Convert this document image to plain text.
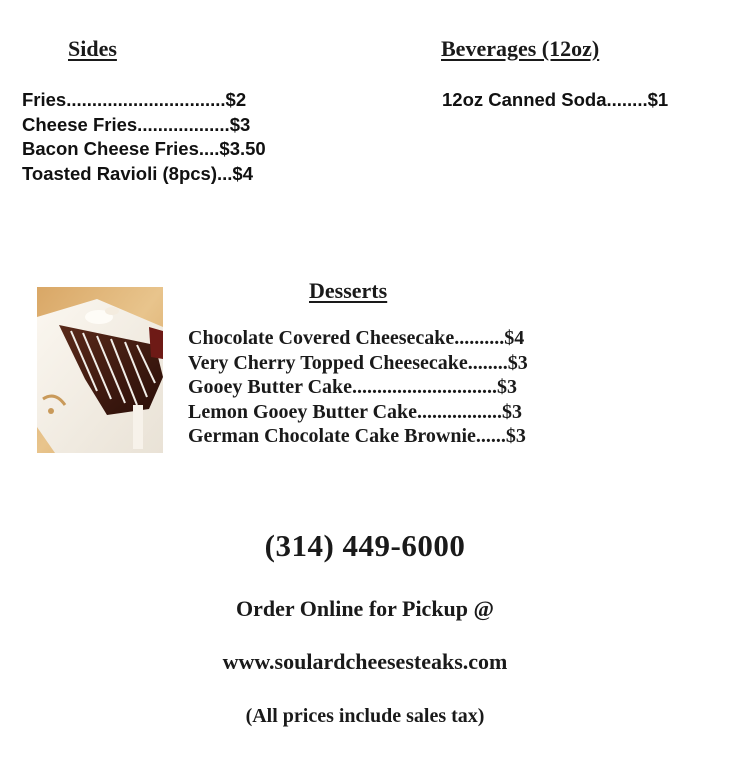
Sides
Fries...............................$2
Cheese Fries..................$3
Bacon Cheese Fries....$3.50
Toasted Ravioli (8pcs)...$4
Beverages (12oz)
12oz Canned Soda........$1
Desserts
Chocolate Covered Cheesecake..........$4
Very Cherry Topped Cheesecake........$3
Gooey Butter Cake.............................$3
Lemon Gooey Butter Cake.................$3
German Chocolate Cake Brownie......$3
(314) 449-6000
Order Online for Pickup @
www.soulardcheesesteaks.com
(All prices include sales tax)
